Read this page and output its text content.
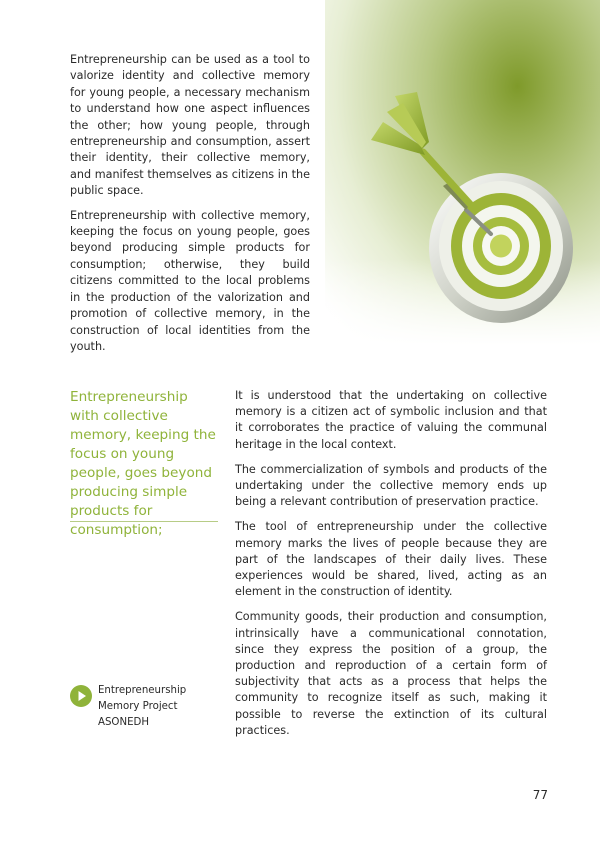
Entrepreneurship can be used as a tool to valorize identity and collective memory for young people, a necessary mechanism to understand how one aspect influences the other; how young people, through entrepreneurship and consumption, assert their identity, their collective memory, and manifest themselves as citizens in the public space.

Entrepreneurship with collective memory, keeping the focus on young people, goes beyond producing simple products for consumption; otherwise, they build citizens committed to the local problems in the production of the valorization and promotion of collective memory, in the construction of local identities from the youth.

Entrepreneurship with collective memory, keeping the focus on young people, goes beyond producing simple products for consumption;
Entrepreneurship
Memory Project
ASONEDH

It is understood that the undertaking on collective memory is a citizen act of symbolic inclusion and that it corroborates the practice of valuing the communal heritage in the local context.

The commercialization of symbols and products of the undertaking under the collective memory ends up being a relevant contribution of preservation practice.

The tool of entrepreneurship under the collective memory marks the lives of people because they are part of the landscapes of their daily lives. These experiences would be shared, lived, acting as an element in the construction of identity.

Community goods, their production and consumption, intrinsically have a communicational connotation, since they express the position of a group, the production and reproduction of a certain form of subjectivity that acts as a process that helps the community to recognize itself as such, making it possible to reverse the extinction of its cultural practices.

77
